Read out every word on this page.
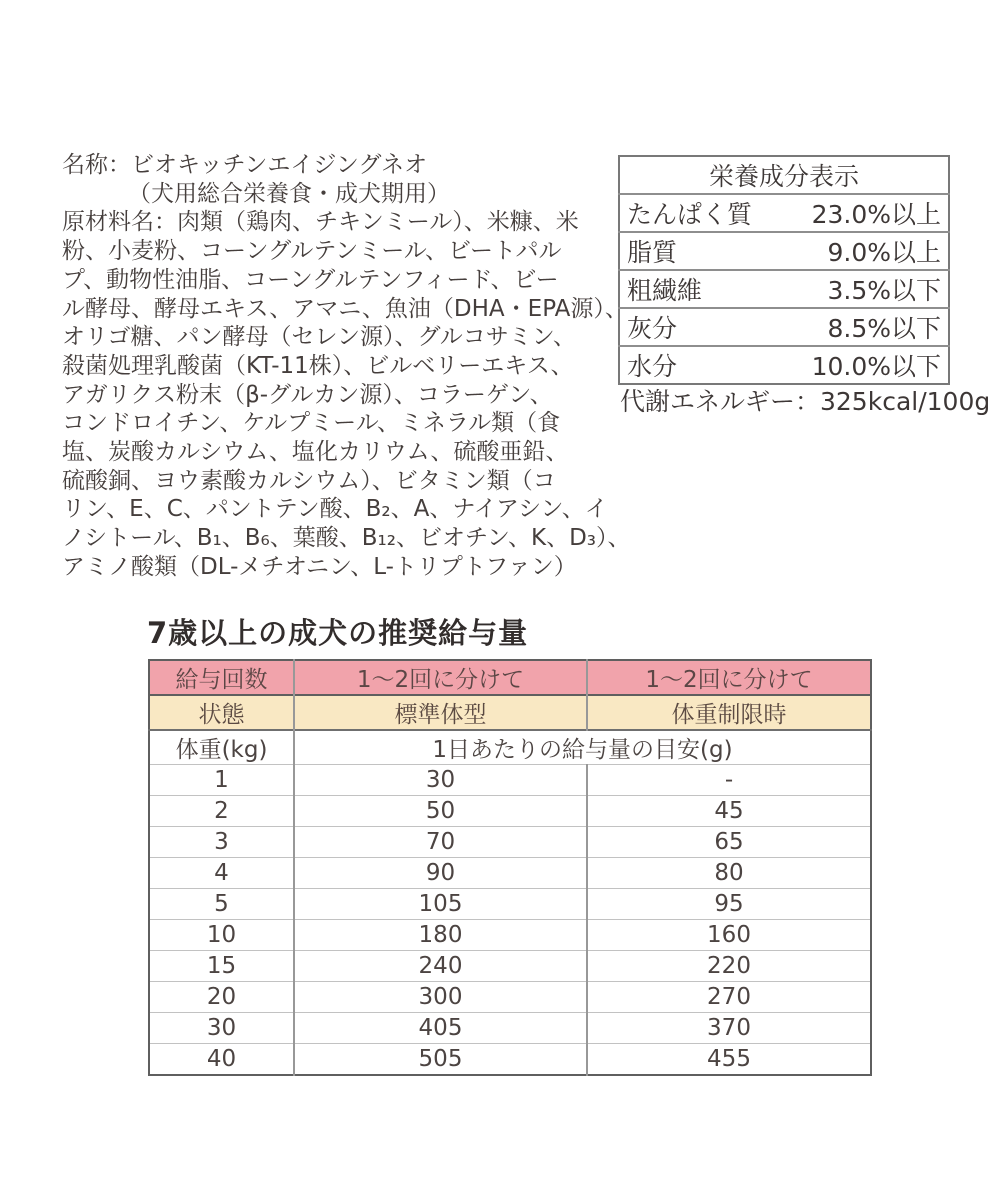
名称：ビオキッチンエイジングネオ
（犬用総合栄養食・成犬期用）
原材料名：肉類（鶏肉、チキンミール）、米糠、米
粉、小麦粉、コーングルテンミール、ビートパル
プ、動物性油脂、コーングルテンフィード、ビー
ル酵母、酵母エキス、アマニ、魚油（DHA・EPA源）、
オリゴ糖、パン酵母（セレン源）、グルコサミン、
殺菌処理乳酸菌（KT-11株）、ビルベリーエキス、
アガリクス粉末（β-グルカン源）、コラーゲン、
コンドロイチン、ケルプミール、ミネラル類（食
塩、炭酸カルシウム、塩化カリウム、硫酸亜鉛、
硫酸銅、ヨウ素酸カルシウム）、ビタミン類（コ
リン、E、C、パントテン酸、B₂、A、ナイアシン、イ
ノシトール、B₁、B₆、葉酸、B₁₂、ビオチン、K、D₃）、
アミノ酸類（DL-メチオニン、L-トリプトファン）
栄養成分表示	
たんぱく質	23.0%以上
脂質	9.0%以上
粗繊維	3.5%以下
灰分	8.5%以下
水分	10.0%以下
代謝エネルギー：325kcal/100g
7歳以上の成犬の推奨給与量
給与回数	1〜2回に分けて	1〜2回に分けて
状態	標準体型	体重制限時
体重(kg)	1日あたりの給与量の目安(g)	
1	30	-
2	50	45
3	70	65
4	90	80
5	105	95
10	180	160
15	240	220
20	300	270
30	405	370
40	505	455
